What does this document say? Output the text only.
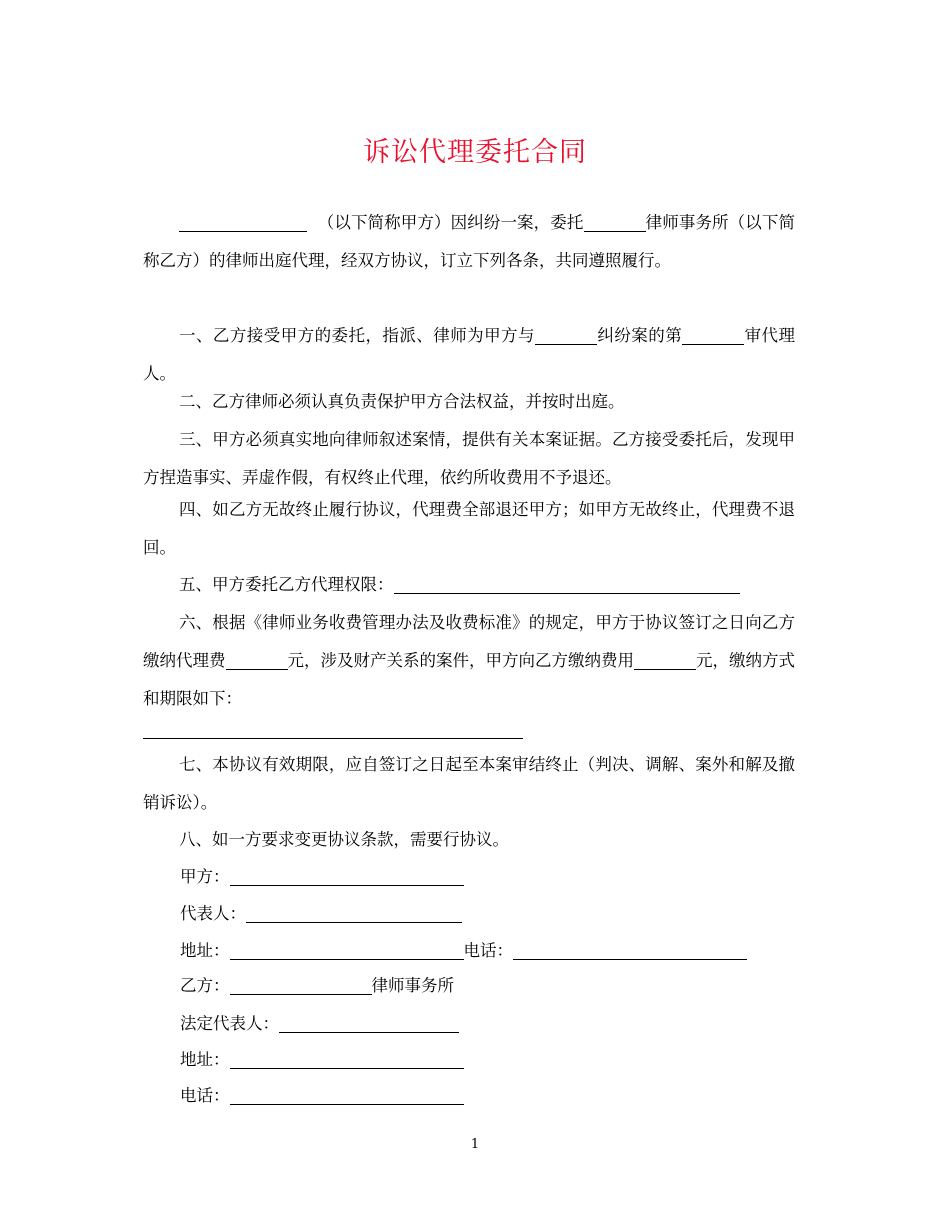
诉讼代理委托合同

（以下简称甲方）因纠纷一案，委托	律师事务所（以下简称乙方）的律师出庭代理，经双方协议，订立下列各条，共同遵照履行。

一、乙方接受甲方的委托，指派、律师为甲方与	纠纷案的第	审代理人。

二、乙方律师必须认真负责保护甲方合法权益，并按时出庭。

三、甲方必须真实地向律师叙述案情，提供有关本案证据。乙方接受委托后，发现甲方捏造事实、弄虚作假，有权终止代理，依约所收费用不予退还。

四、如乙方无故终止履行协议，代理费全部退还甲方；如甲方无故终止，代理费不退回。

五、甲方委托乙方代理权限：

六、根据《律师业务收费管理办法及收费标准》的规定，甲方于协议签订之日向乙方缴纳代理费	元，涉及财产关系的案件，甲方向乙方缴纳费用	元，缴纳方式和期限如下：

七、本协议有效期限，应自签订之日起至本案审结终止（判决、调解、案外和解及撤销诉讼）。

八、如一方要求变更协议条款，需要行协议。

甲方：
代表人：
地址：	电话：
乙方：	律师事务所
法定代表人：
地址：
电话：
1
